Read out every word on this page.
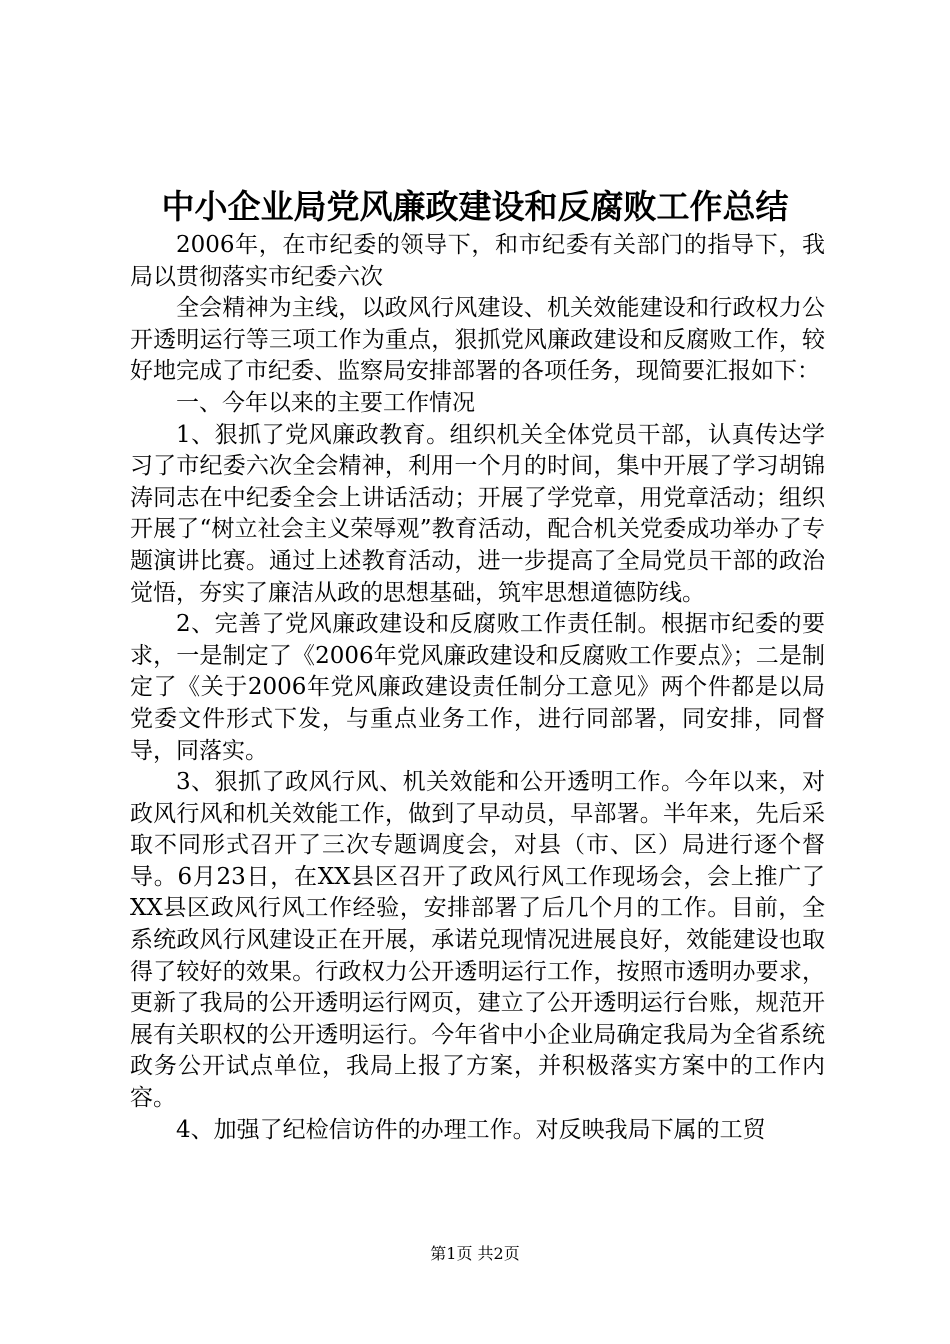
中小企业局党风廉政建设和反腐败工作总结

2006年，在市纪委的领导下，和市纪委有关部门的指导下，我局以贯彻落实市纪委六次

全会精神为主线，以政风行风建设、机关效能建设和行政权力公开透明运行等三项工作为重点，狠抓党风廉政建设和反腐败工作，较好地完成了市纪委、监察局安排部署的各项任务，现简要汇报如下：

一、今年以来的主要工作情况

1、狠抓了党风廉政教育。组织机关全体党员干部，认真传达学习了市纪委六次全会精神，利用一个月的时间，集中开展了学习胡锦涛同志在中纪委全会上讲话活动；开展了学党章，用党章活动；组织开展了“树立社会主义荣辱观”教育活动，配合机关党委成功举办了专题演讲比赛。通过上述教育活动，进一步提高了全局党员干部的政治觉悟，夯实了廉洁从政的思想基础，筑牢思想道德防线。

2、完善了党风廉政建设和反腐败工作责任制。根据市纪委的要求，一是制定了《2006年党风廉政建设和反腐败工作要点》；二是制定了《关于2006年党风廉政建设责任制分工意见》两个件都是以局党委文件形式下发，与重点业务工作，进行同部署，同安排，同督导，同落实。

3、狠抓了政风行风、机关效能和公开透明工作。今年以来，对政风行风和机关效能工作，做到了早动员，早部署。半年来，先后采取不同形式召开了三次专题调度会，对县（市、区）局进行逐个督导。6月23日，在XX县区召开了政风行风工作现场会，会上推广了XX县区政风行风工作经验，安排部署了后几个月的工作。目前，全系统政风行风建设正在开展，承诺兑现情况进展良好，效能建设也取得了较好的效果。行政权力公开透明运行工作，按照市透明办要求，更新了我局的公开透明运行网页，建立了公开透明运行台账，规范开展有关职权的公开透明运行。今年省中小企业局确定我局为全省系统政务公开试点单位，我局上报了方案，并积极落实方案中的工作内容。

4、加强了纪检信访件的办理工作。对反映我局下属的工贸

第1页 共2页
